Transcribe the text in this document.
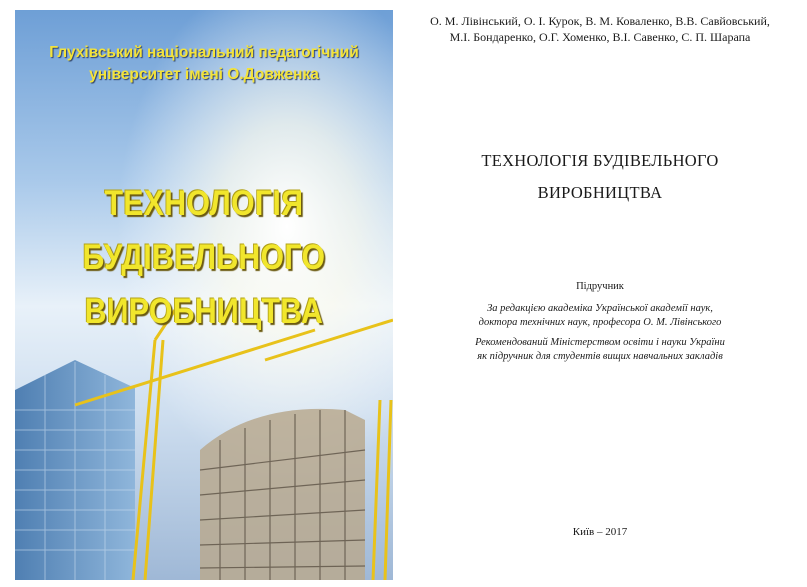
Глухівський національний педагогічний
університет імені О.Довженка
ТЕХНОЛОГІЯ
БУДІВЕЛЬНОГО
ВИРОБНИЦТВА
О. М. Лівінський, О. І. Курок, В. М. Коваленко, В.В. Савйовський,
М.І. Бондаренко, О.Г. Хоменко, В.І. Савенко, С. П. Шарапа
ТЕХНОЛОГІЯ БУДІВЕЛЬНОГО
ВИРОБНИЦТВА
Підручник
За редакцією академіка Української академії наук,
доктора технічних наук, професора О. М. Лівінського
Рекомендований Міністерством освіти і науки України
як підручник для студентів вищих навчальних закладів
Київ – 2017
